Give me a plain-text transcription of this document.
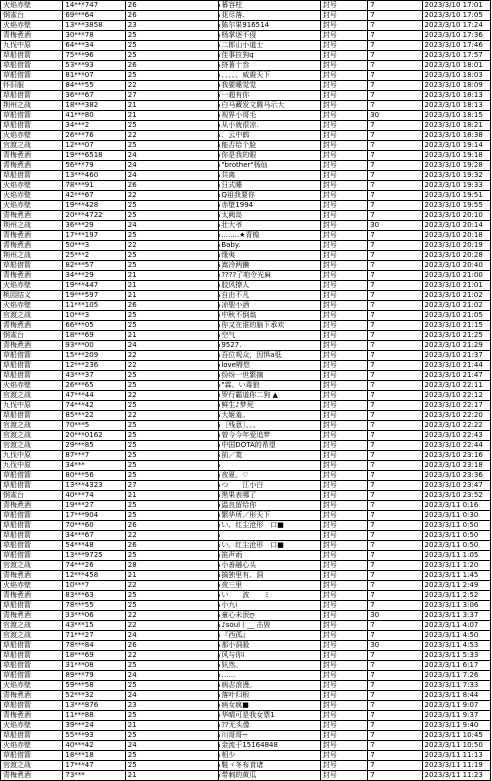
火焰赤壁	14***747	26	幕容柱	封号	7	2023/3/10 17:01
钢雀台	69***64	26	花尽落.	封号	7	2023/3/10 17:05
火焰赤壁	13***3858	23	陈尔果916514	封号	7	2023/3/10 17:24
青梅煮酒	30***78	25	杨掌逐不侵	封号	7	2023/3/10 17:36
九伐中原	64***34	25	二郎山小道士	封号	7	2023/3/10 17:46
草船借箭	75***96	25	佳事拉狗q	封号	7	2023/3/10 17:57
草船借箭	53***93	26	挤著十叁	封号	7	2023/3/10 18:01
草船借箭	81***07	25	、、、、、威震天下	封号	7	2023/3/10 18:03
怀旧服	84***55	22	我要睡觉觉	封号	7	2023/3/10 18:09
草船借箭	36***67	27	一超有你	封号	7	2023/3/10 18:13
荆州之战	18***382	21	白马藏发文腾马示大	封号	7	2023/3/10 18:13
草船借箭	41***80	21	视界小哥毛	封号	30	2023/3/10 18:15
草船借箭	34***2	25	从小就很凉.	封号	7	2023/3/10 18:21
火焰赤壁	26***76	22	、云中鹤	封号	7	2023/3/10 18:38
官渡之战	12***07	25	能否给个脸	封号	7	2023/3/10 19:14
青梅煮酒	19***6518	24	你是我的眼	封号	7	2023/3/10 19:18
青梅煮酒	56***79	24	"brother"杨仙	封号	7	2023/3/10 19:28
草船借箭	13***460	24	共离	封号	7	2023/3/10 19:32
火焰赤壁	78***91	26	日式睡	封号	7	2023/3/10 19:33
火焰赤壁	42***67	22	Q祖我要你	封号	7	2023/3/10 19:51
火焰赤壁	19***428	25	赤壁1994	封号	7	2023/3/10 19:55
青梅煮酒	20***4722	25	太阙岛	封号	7	2023/3/10 20:10
荆州之战	36***29	24	壮大爷	封号	30	2023/3/10 20:14
青梅煮酒	17***197	25	........★青檐	封号	7	2023/3/10 20:18
青梅煮酒	50***3	22	Baby.	封号	7	2023/3/10 20:19
荆州之战	25***2	25	缘夷	封号	7	2023/3/10 20:28
草船借箭	82***57	25	嵩冷两獭	封号	7	2023/3/10 20:40
青梅煮酒	34***29	21	????了咱令光麻	封号	7	2023/3/10 21:00
火焰赤壁	19***447	21	胶风撩人	封号	7	2023/3/10 21:01
桃园结义	19***597	21	自由不凡	封号	7	2023/3/10 21:02
火焰赤壁	11***105	26	凉聖小酒	封号	7	2023/3/10 21:02
官渡之战	10***3	25	中秋不倒翁	封号	7	2023/3/10 21:05
青梅煮酒	66***05	25	你又在谁的脑下承欢	封号	7	2023/3/10 21:15
钢雀台	18***69	21	空气	封号	7	2023/3/10 21:25
青梅煮酒	93***00	24	9527.	封号	7	2023/3/10 21:29
草船借箭	15***209	22	吾位观众，因惧a低	封号	7	2023/3/10 21:37
草船借箭	12***236	22	love嘚悠	封号	7	2023/3/10 21:44
草船借箭	43***37	25	纷纷一世繁摘	封号	7	2023/3/10 21:47
火焰赤壁	26***65	25	"霖、い毒狼	封号	7	2023/3/10 22:11
官渡之战	47***44	22	罗行霸道你二狗 ▲	封号	7	2023/3/10 22:12
九伐中原	74***42	25	鲜生♪梦死	封号	7	2023/3/10 22:17
草船借箭	85***22	22	大姬羞。	封号	7	2023/3/10 22:20
官渡之战	70***5	25	［残意］、、、	封号	7	2023/3/10 22:22
官渡之战	20***0162	25	曾今今年爱追梦	封号	7	2023/3/10 22:43
官渡之战	29***85	25	中国DOTA的希望	封号	7	2023/3/10 22:44
九伐中原	87***7	25	前／寞	封号	7	2023/3/10 23:16
九伐中原	34***	25		封号	7	2023/3/10 23:18
草船借箭	80***56	25	夜夏。♡	封号	7	2023/3/10 23:36
草船借箭	13***4323	27	つ　　江小白	封号	7	2023/3/10 23:47
钢雀台	40***74	21	黑果表哪了	封号	7	2023/3/10 23:52
青梅煮酒	19***27	25	温良留给你	封号	7	2023/3/11 0:16
草船借箭	17***904	25	繁华所／形天下	封号	7	2023/3/11 0:30
草船借箭	70***60	26	い、红尘沧形　口■	封号	7	2023/3/11 0:50
草船借箭	34***67	22		封号	7	2023/3/11 0:50
草船借箭	54***48	26	い、红尘沧形　口■	封号	7	2023/3/11 0:50
草船借箭	13***9725	25	笛声雨	封号	7	2023/3/11 1:05
官渡之战	74***26	28	小善融心头	封号	7	2023/3/11 1:20
青梅煮酒	12***458	21	搞独里有、洞	封号	7	2023/3/11 1:45
火焰赤壁	10***7	22	夜三里	封号	7	2023/3/11 2:49
青梅煮酒	83***63	25	い　　波　　ミ	封号	7	2023/3/11 2:52
草船借箭	78***55	25	小九i	封号	7	2023/3/11 3:06
青梅煮酒	33***06	22	童心未泯ღ	封号	30	2023/3/11 3:37
官渡之战	43***15	22	♪soul丨__ 击毁	封号	7	2023/3/11 4:07
官渡之战	71***27	24	『西孤』	封号	7	2023/3/11 4:50
草船借箭	78***84	26	那小洞殺	封号	30	2023/3/11 4:53
草船借箭	18***69	22	风与你i	封号	7	2023/3/11 5:33
草船借箭	31***08	25	妖然。	封号	7	2023/3/11 6:17
草船借箭	89***79	24	……	封号	7	2023/3/11 7:26
火焰赤壁	59***58	25	病志浪漫。	封号	7	2023/3/11 7:33
青梅煮酒	52***32	24	落叶归根	封号	7	2023/3/11 8:44
草船借箭	13***876	23	病女疯■	封号	7	2023/3/11 9:07
青梅煮酒	11***88	25	华晴可是我女票1	封号	7	2023/3/11 9:37
火焰赤壁	39***24	21	??无头像	封号	7	2023/3/11 9:40
草船借箭	55***93	25	川哥哥~	封号	7	2023/3/11 10:45
火焰赤壁	40***42	24	金流于15164848	封号	7	2023/3/11 10:50
草船借箭	18***18	25	相少	封号	7	2023/3/11 11:13
官渡之战	17***47	25	鞋ヾ冬布食诸	封号	7	2023/3/11 11:19
青梅煮酒	73***	21	带刺的黄瓜	封号	7	2023/3/11 11:23
